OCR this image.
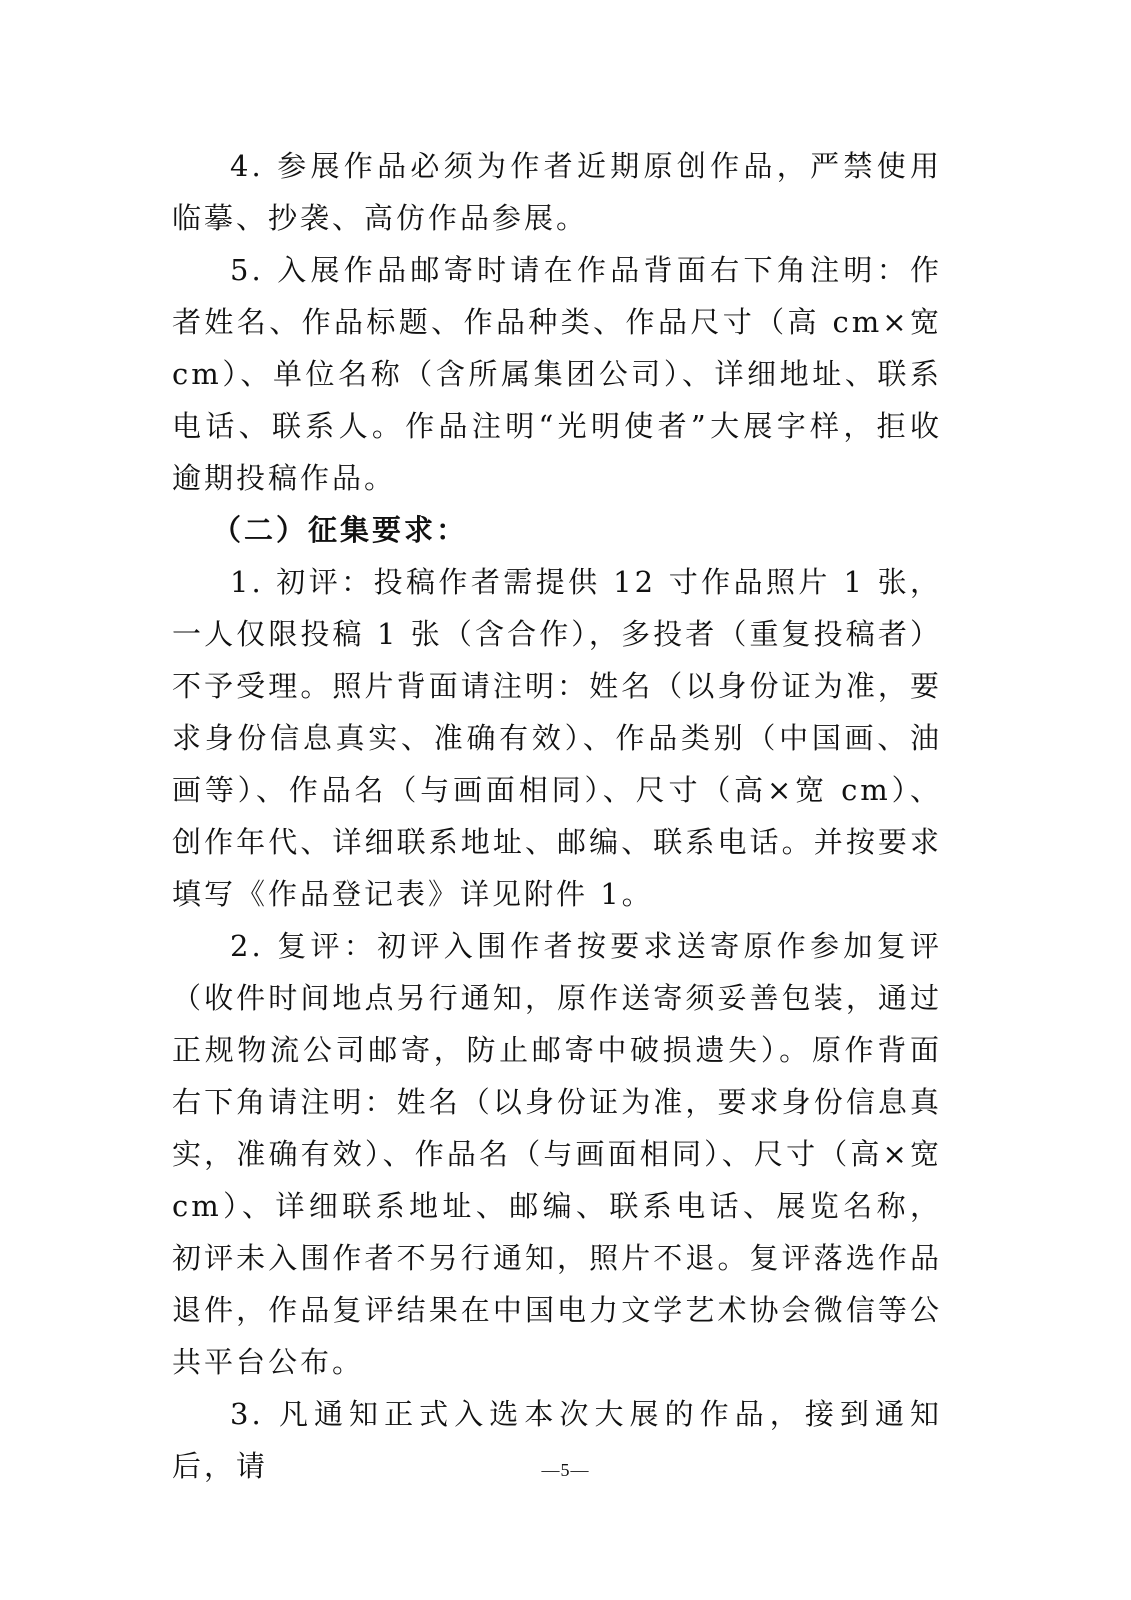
4. 参展作品必须为作者近期原创作品，严禁使用临摹、抄袭、高仿作品参展。

5. 入展作品邮寄时请在作品背面右下角注明：作者姓名、作品标题、作品种类、作品尺寸（高 cm×宽 cm）、单位名称（含所属集团公司）、详细地址、联系电话、联系人。作品注明“光明使者”大展字样，拒收逾期投稿作品。

（二）征集要求：

1. 初评：投稿作者需提供 12 寸作品照片 1 张，一人仅限投稿 1 张（含合作），多投者（重复投稿者）不予受理。照片背面请注明：姓名（以身份证为准，要求身份信息真实、准确有效）、作品类别（中国画、油画等）、作品名（与画面相同）、尺寸（高×宽 cm）、创作年代、详细联系地址、邮编、联系电话。并按要求填写《作品登记表》详见附件 1。

2. 复评：初评入围作者按要求送寄原作参加复评（收件时间地点另行通知，原作送寄须妥善包装，通过正规物流公司邮寄，防止邮寄中破损遗失）。原作背面右下角请注明：姓名（以身份证为准，要求身份信息真实，准确有效）、作品名（与画面相同）、尺寸（高×宽 cm）、详细联系地址、邮编、联系电话、展览名称，初评未入围作者不另行通知，照片不退。复评落选作品退件，作品复评结果在中国电力文学艺术协会微信等公共平台公布。

3. 凡通知正式入选本次大展的作品，接到通知后，请	—5—
